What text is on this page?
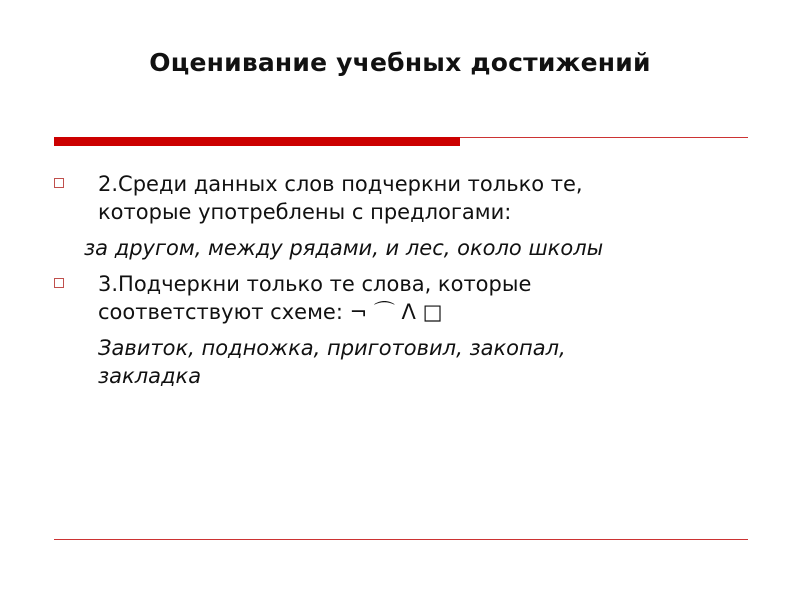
Оценивание учебных достижений
2.Среди данных слов подчеркни только те,
которые употреблены с предлогами:
за другом, между рядами, и лес, около школы
3.Подчеркни только те слова, которые
соответствуют схеме: ¬ ⌒ Λ □
Завиток, подножка, приготовил, закопал,
закладка
